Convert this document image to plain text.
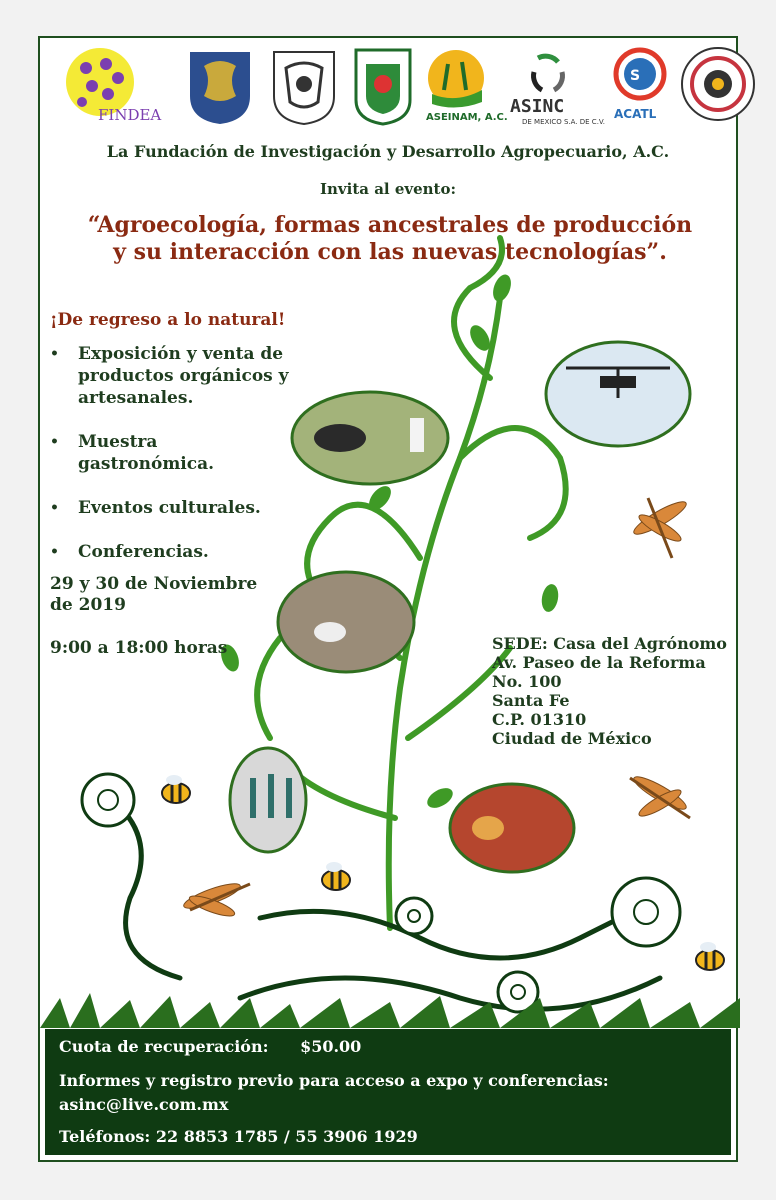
FINDEA	ASEINAM, A.C.
ASINC
DE MEXICO S.A. DE C.V.
S
ACATL
La Fundación de Investigación y Desarrollo Agropecuario, A.C.
Invita al evento:
“Agroecología, formas ancestrales de producción
y su interacción con las nuevas tecnologías”.
¡De regreso a lo natural!
• Exposición y venta de
productos orgánicos y
artesanales.
• Muestra
gastronómica.
• Eventos culturales.
• Conferencias.
29 y 30 de Noviembre
de 2019
9:00 a 18:00 horas	SEDE: Casa del Agrónomo
Av. Paseo de la Reforma
No. 100
Santa Fe
C.P. 01310
Ciudad de México
Cuota de recuperación: $50.00
Informes y registro previo para acceso a expo y conferencias:
asinc@live.com.mx
Teléfonos: 22 8853 1785 / 55 3906 1929
